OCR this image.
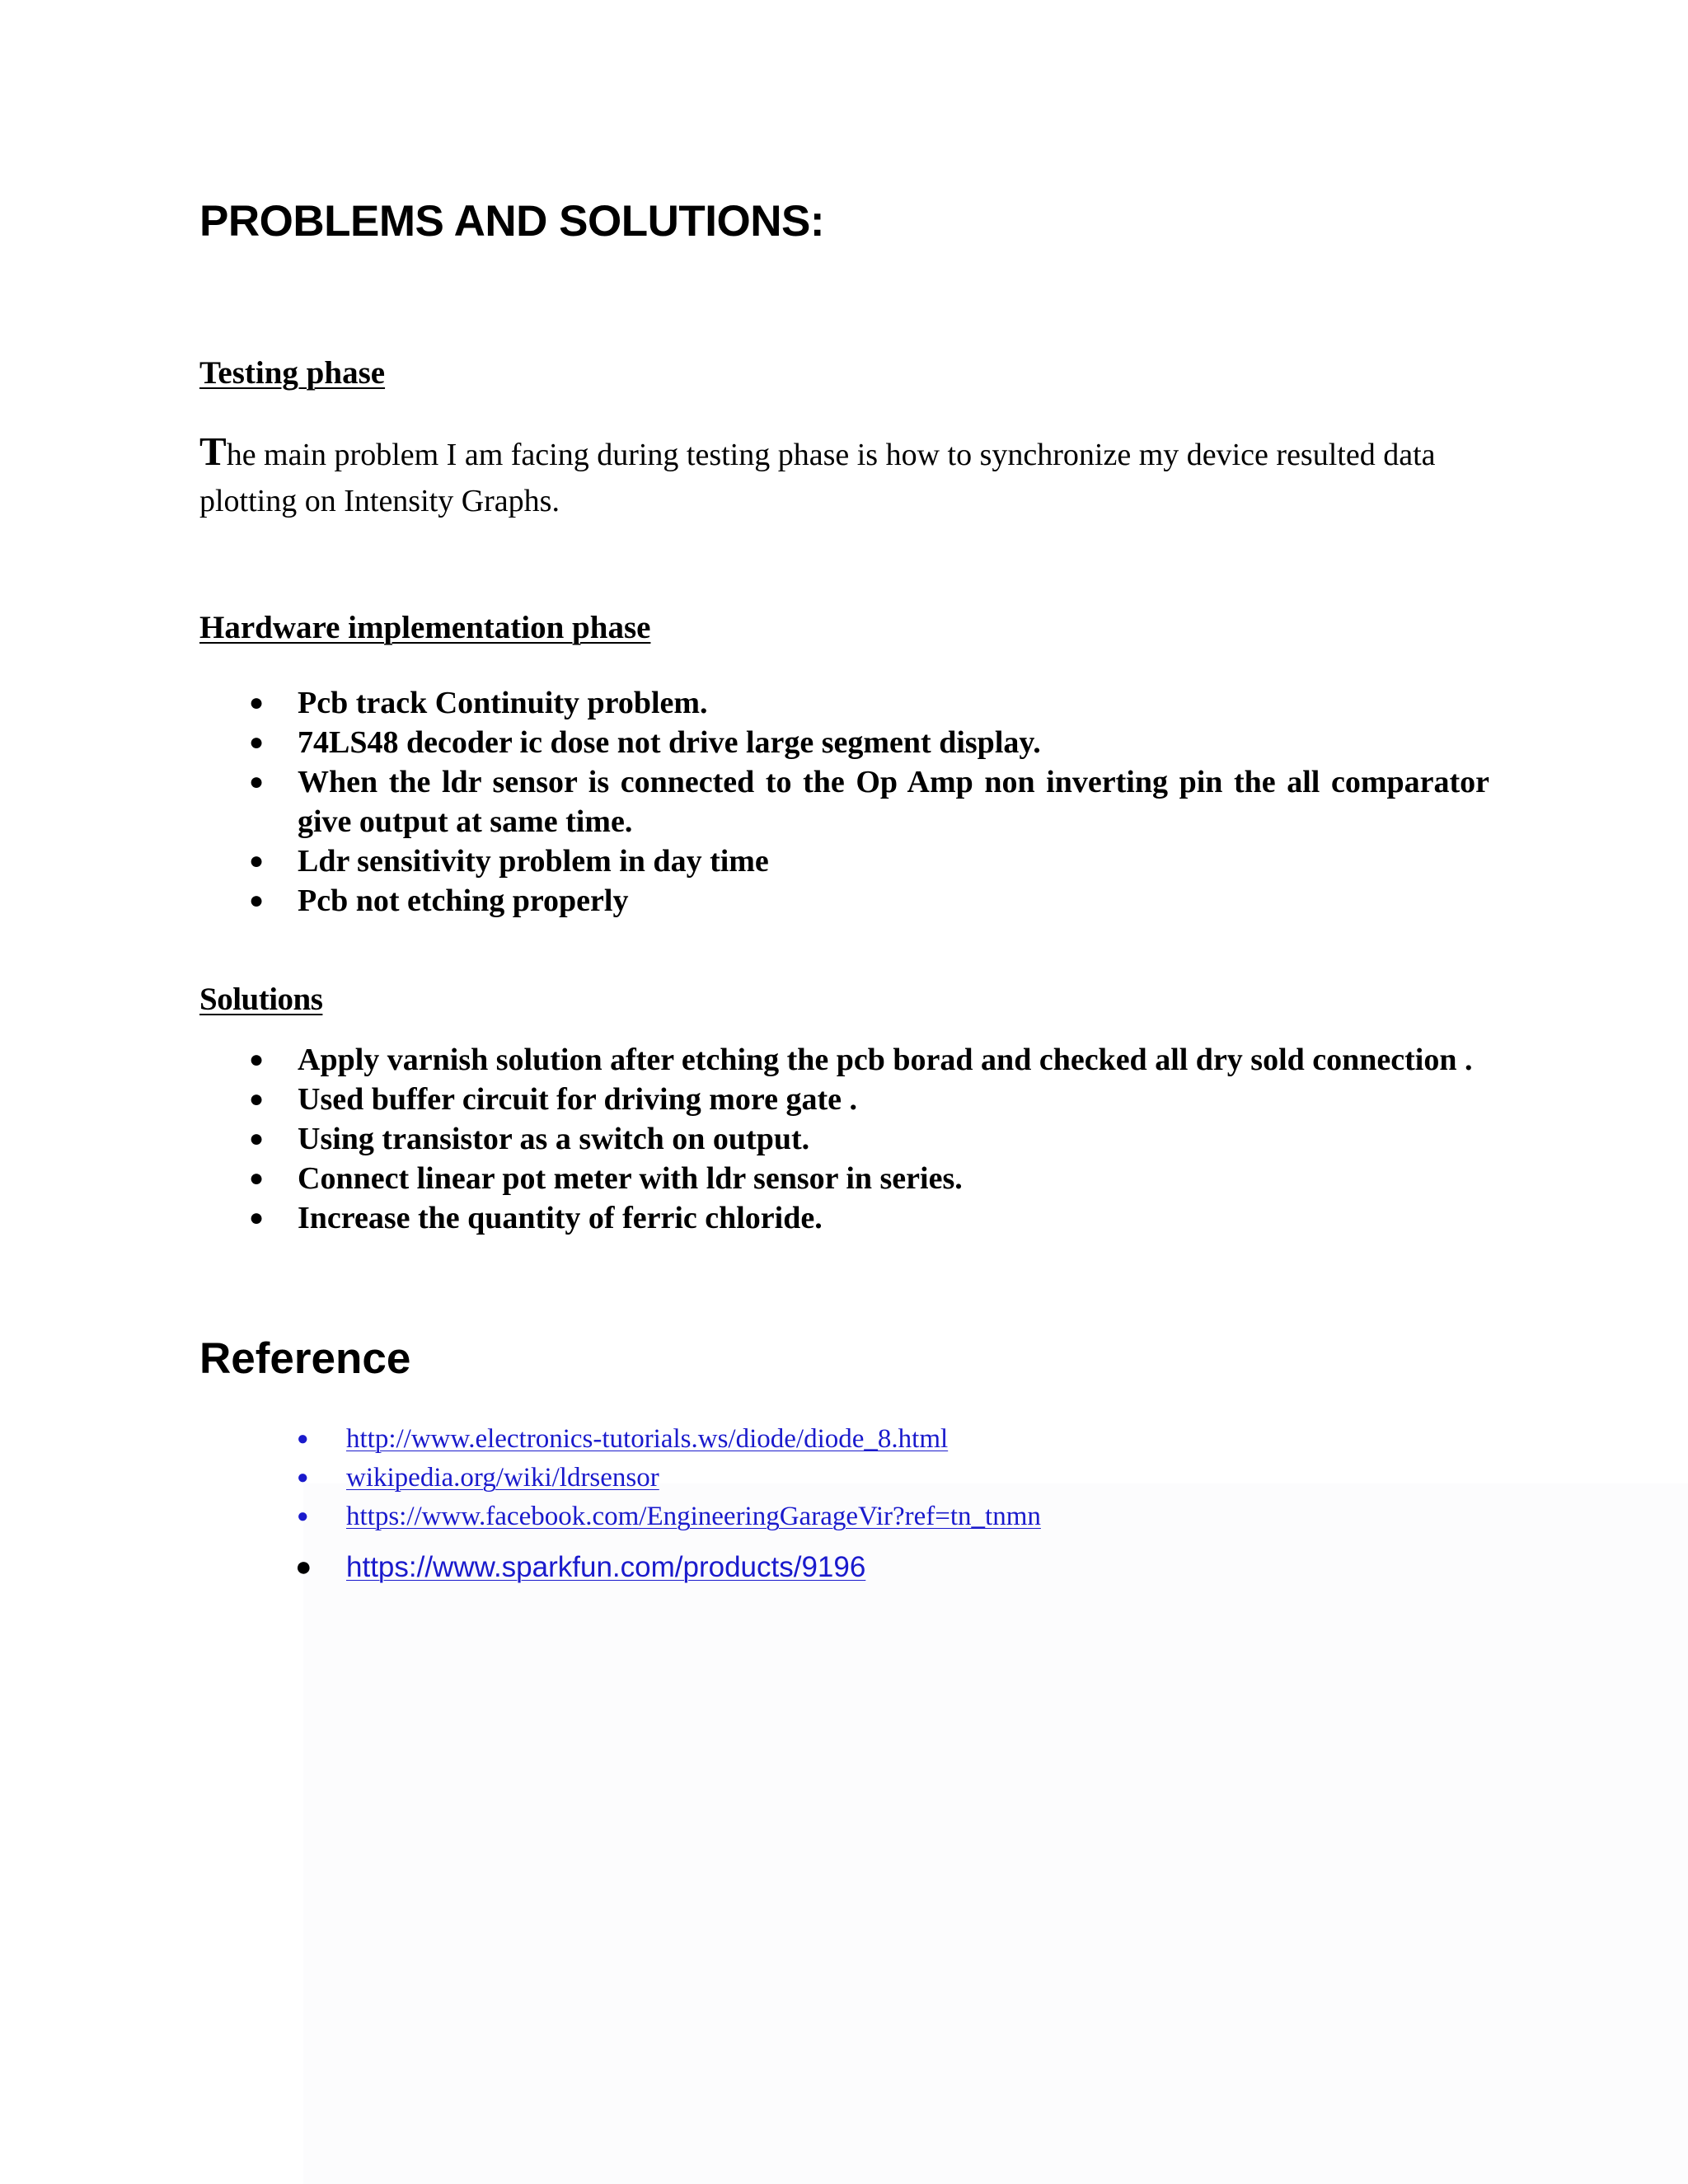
PROBLEMS AND SOLUTIONS:
Testing phase

The main problem I am facing during testing phase is how to synchronize my device resulted data plotting on Intensity Graphs.

Hardware implementation phase
● Pcb track Continuity problem.
● 74LS48 decoder ic dose not drive large segment display.
● When the ldr sensor is connected to the Op Amp non inverting pin the all comparator give output at same time.
● Ldr sensitivity problem in day time
● Pcb not etching properly
Solutions
● Apply varnish solution after etching the pcb borad and checked all dry sold connection .
● Used buffer circuit for driving more gate .
● Using transistor as a switch on output.
● Connect linear pot meter with ldr sensor in series.
● Increase the quantity of ferric chloride.
Reference
● http://www.electronics-tutorials.ws/diode/diode_8.html
● wikipedia.org/wiki/ldrsensor
● https://www.facebook.com/EngineeringGarageVir?ref=tn_tnmn
● https://www.sparkfun.com/products/9196
